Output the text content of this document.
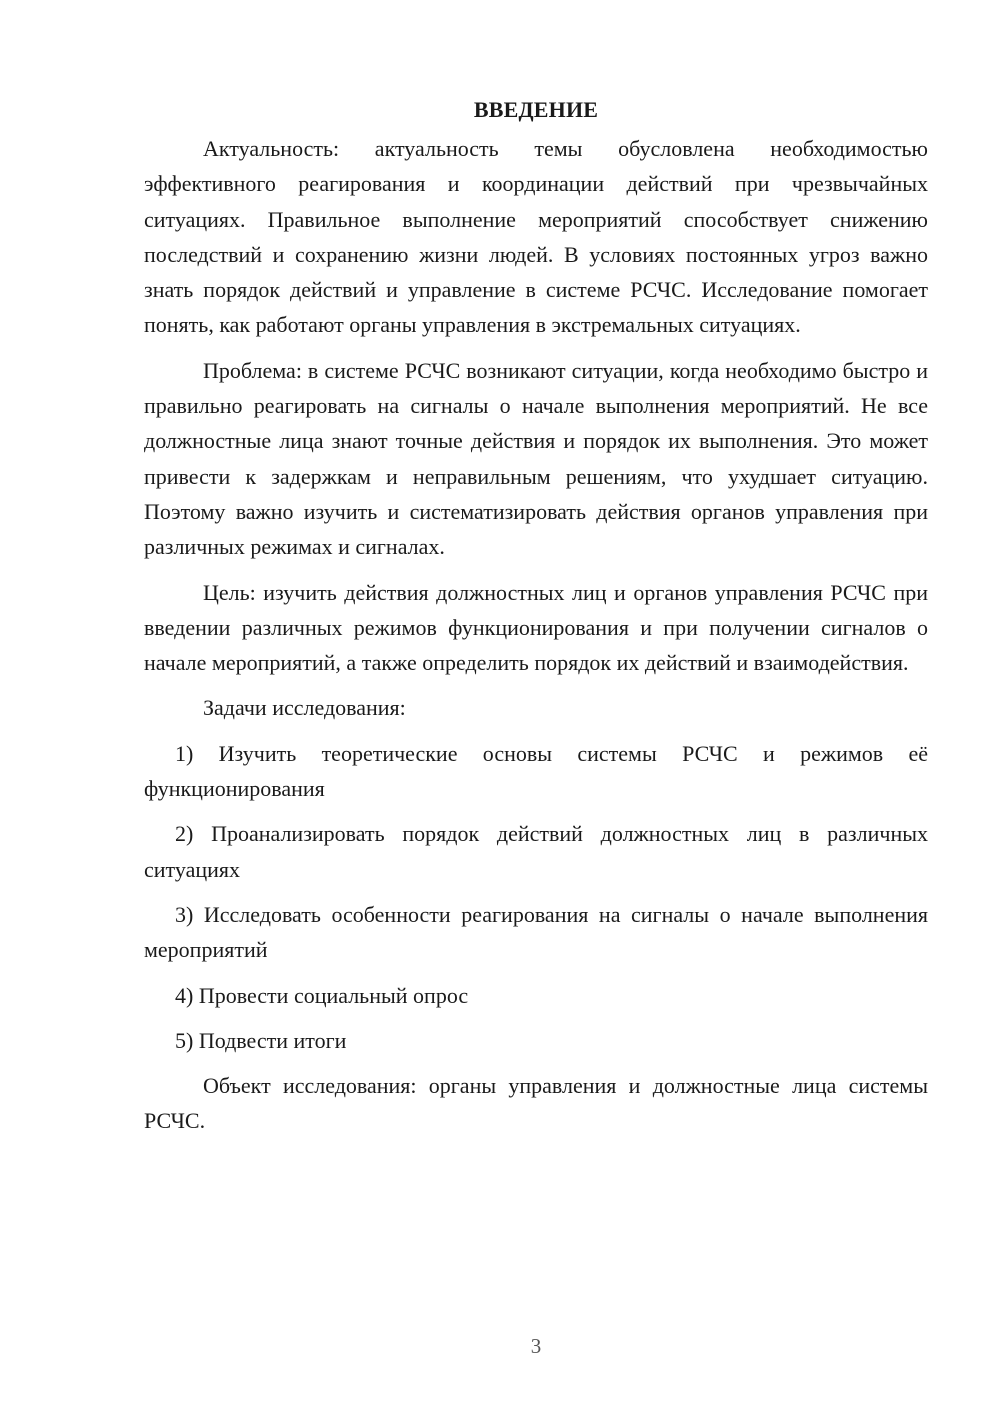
ВВЕДЕНИЕ

Актуальность: актуальность темы обусловлена необходимостью эффективного реагирования и координации действий при чрезвычайных ситуациях. Правильное выполнение мероприятий способствует снижению последствий и сохранению жизни людей. В условиях постоянных угроз важно знать порядок действий и управление в системе РСЧС. Исследование помогает понять, как работают органы управления в экстремальных ситуациях.

Проблема: в системе РСЧС возникают ситуации, когда необходимо быстро и правильно реагировать на сигналы о начале выполнения мероприятий. Не все должностные лица знают точные действия и порядок их выполнения. Это может привести к задержкам и неправильным решениям, что ухудшает ситуацию. Поэтому важно изучить и систематизировать действия органов управления при различных режимах и сигналах.

Цель: изучить действия должностных лиц и органов управления РСЧС при введении различных режимов функционирования и при получении сигналов о начале мероприятий, а также определить порядок их действий и взаимодействия.

Задачи исследования:

1) Изучить теоретические основы системы РСЧС и режимов её функционирования

2) Проанализировать порядок действий должностных лиц в различных ситуациях

3) Исследовать особенности реагирования на сигналы о начале выполнения мероприятий

4) Провести социальный опрос

5) Подвести итоги

Объект исследования: органы управления и должностные лица системы РСЧС.

3
